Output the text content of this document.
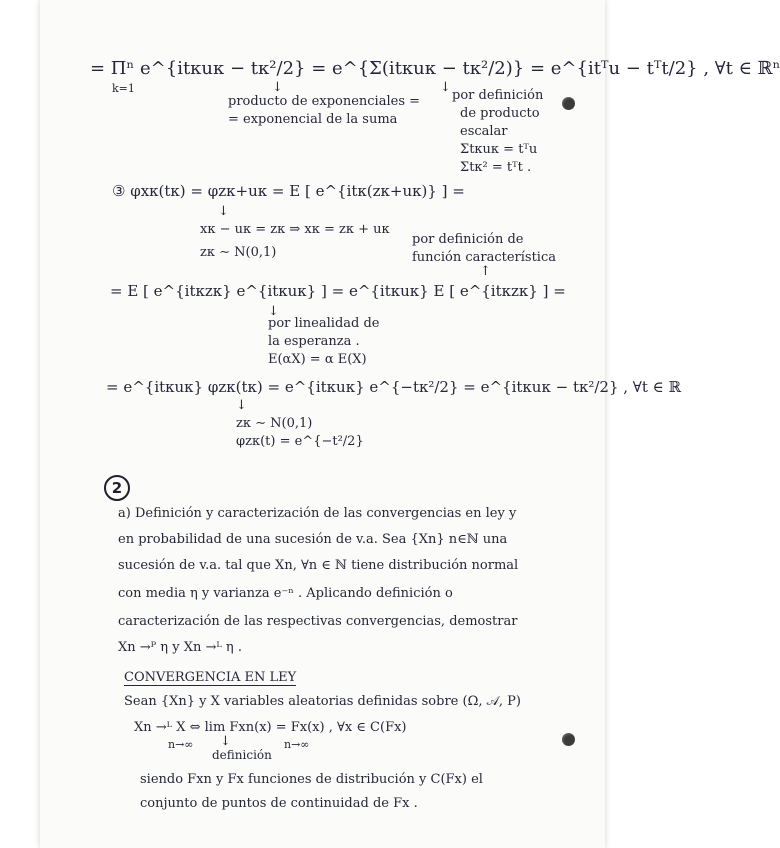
= Πⁿ e^{itκuκ − tκ²/2} = e^{Σ(itκuκ − tκ²/2)} = e^{itᵀu − tᵀt/2} , ∀t ∈ ℝⁿ
k=1	↓
producto de exponenciales =
= exponencial de la suma
↓
por definición
de producto
escalar
Σtκuκ = tᵀu
Σtκ² = tᵀt .
③ φxκ(tκ) = φzκ+uκ = E [ e^{itκ(zκ+uκ)} ] =
↓
xκ − uκ = zκ ⇒ xκ = zκ + uκ
zκ ∼ N(0,1)
por definición de
función característica
↑
= E [ e^{itκzκ} e^{itκuκ} ] = e^{itκuκ} E [ e^{itκzκ} ] =
↓
por linealidad de
la esperanza .
E(αX) = α E(X)
= e^{itκuκ} φzκ(tκ) = e^{itκuκ} e^{−tκ²/2} = e^{itκuκ − tκ²/2} , ∀t ∈ ℝ
↓
zκ ∼ N(0,1)
φzκ(t) = e^{−t²/2}
2
a) Definición y caracterización de las convergencias en ley y
en probabilidad de una sucesión de v.a. Sea {Xn} n∈ℕ una
sucesión de v.a. tal que Xn, ∀n ∈ ℕ tiene distribución normal
con media η y varianza e⁻ⁿ . Aplicando definición o
caracterización de las respectivas convergencias, demostrar
Xn →ᴾ η y Xn →ᴸ η .
CONVERGENCIA EN LEY
Sean {Xn} y X variables aleatorias definidas sobre (Ω, 𝒜, P)
Xn →ᴸ X ⇔ lim Fxn(x) = Fx(x) , ∀x ∈ C(Fx)
n→∞	n→∞
↓
definición
siendo Fxn y Fx funciones de distribución y C(Fx) el
conjunto de puntos de continuidad de Fx .
